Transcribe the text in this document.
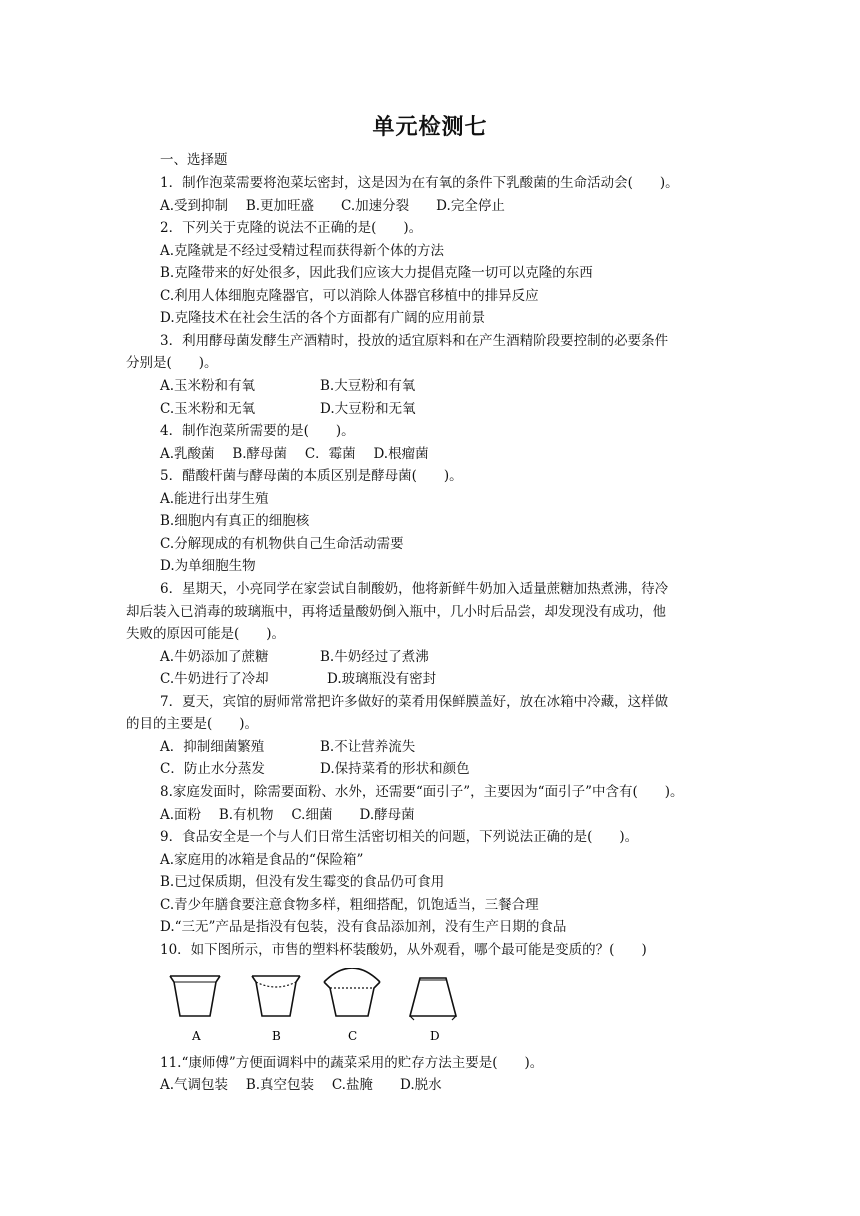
单元检测七
一、选择题
1．制作泡菜需要将泡菜坛密封，这是因为在有氧的条件下乳酸菌的生命活动会(　　)。
A.受到抑制　 B.更加旺盛　　C.加速分裂　　D.完全停止
2．下列关于克隆的说法不正确的是(　　)。
A.克隆就是不经过受精过程而获得新个体的方法
B.克隆带来的好处很多，因此我们应该大力提倡克隆一切可以克隆的东西
C.利用人体细胞克隆器官，可以消除人体器官移植中的排异反应
D.克隆技术在社会生活的各个方面都有广阔的应用前景
3．利用酵母菌发酵生产酒精时，投放的适宜原料和在产生酒精阶段要控制的必要条件
分别是(　　)。
A.玉米粉和有氧	B.大豆粉和有氧
C.玉米粉和无氧	D.大豆粉和无氧
4．制作泡菜所需要的是(　　)。
A.乳酸菌　 B.酵母菌　 C．霉菌　 D.根瘤菌
5．醋酸杆菌与酵母菌的本质区别是酵母菌(　　)。
A.能进行出芽生殖
B.细胞内有真正的细胞核
C.分解现成的有机物供自己生命活动需要
D.为单细胞生物
6．星期天，小亮同学在家尝试自制酸奶，他将新鲜牛奶加入适量蔗糖加热煮沸，待冷
却后装入已消毒的玻璃瓶中，再将适量酸奶倒入瓶中，几小时后品尝，却发现没有成功，他
失败的原因可能是(　　)。
A.牛奶添加了蔗糖	B.牛奶经过了煮沸
C.牛奶进行了冷却	D.玻璃瓶没有密封
7．夏天，宾馆的厨师常常把许多做好的菜肴用保鲜膜盖好，放在冰箱中冷藏，这样做
的目的主要是(　　)。
A．抑制细菌繁殖	B.不让营养流失
C．防止水分蒸发	D.保持菜肴的形状和颜色
8.家庭发面时，除需要面粉、水外，还需要“面引子”，主要因为“面引子”中含有(　　)。
A.面粉　 B.有机物　 C.细菌　　D.酵母菌
9．食品安全是一个与人们日常生活密切相关的问题，下列说法正确的是(　　)。
A.家庭用的冰箱是食品的“保险箱”
B.已过保质期，但没有发生霉变的食品仍可食用
C.青少年膳食要注意食物多样，粗细搭配，饥饱适当，三餐合理
D.“三无”产品是指没有包装，没有食品添加剂，没有生产日期的食品
10．如下图所示，市售的塑料杯装酸奶，从外观看，哪个最可能是变质的？(　　)
A	B	C	D
11.“康师傅”方便面调料中的蔬菜采用的贮存方法主要是(　　)。
A.气调包装　 B.真空包装　 C.盐腌　　D.脱水
